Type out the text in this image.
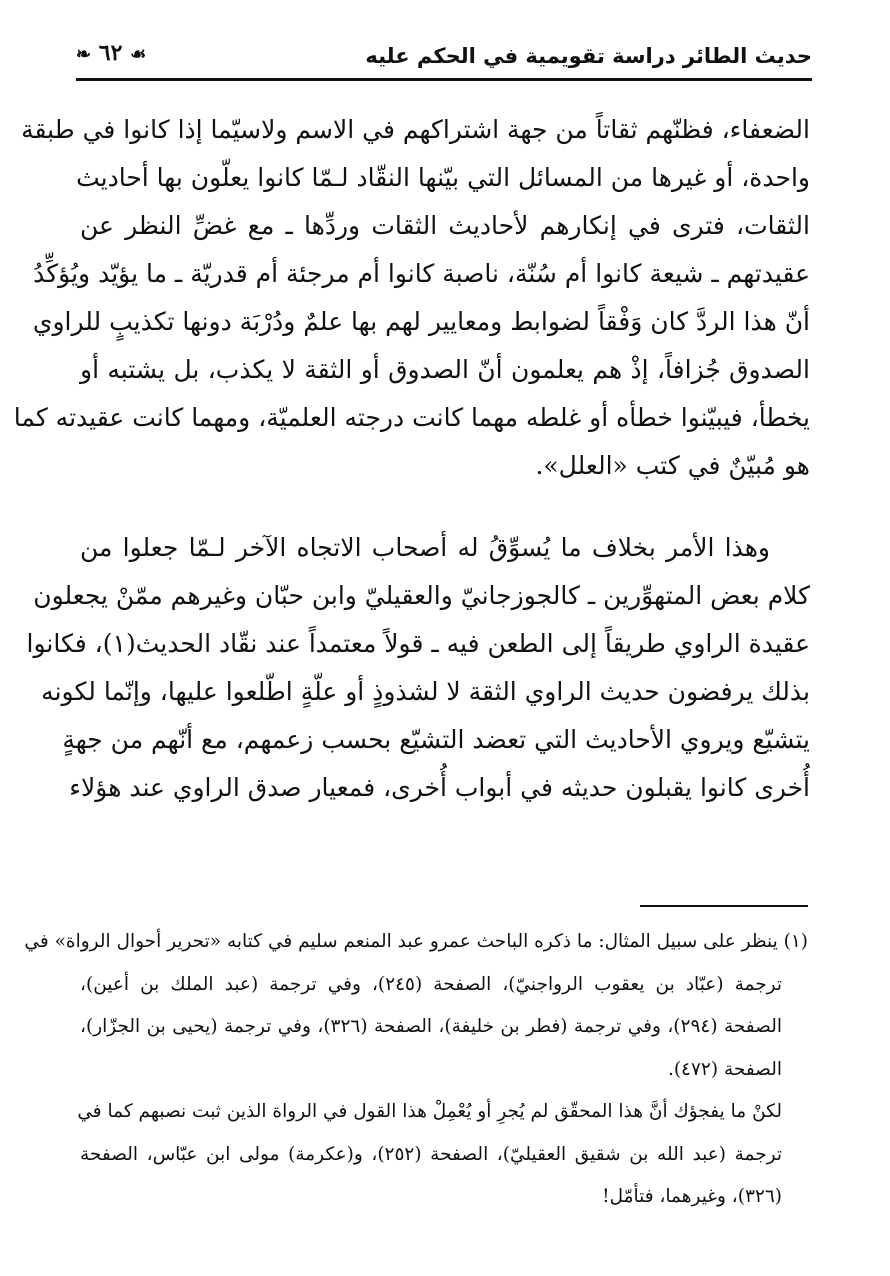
حديث الطائر دراسة تقويمية في الحكم عليه
❧ ٦٢ ☙
الضعفاء، فظنّهم ثقاتاً من جهة اشتراكهم في الاسم ولاسيّما إذا كانوا في طبقة
واحدة، أو غيرها من المسائل التي بيّنها النقّاد لـمّا كانوا يعلّون بها أحاديث
الثقات، فترى في إنكارهم لأحاديث الثقات وردِّها ـ مع غضِّ النظر عن
عقيدتهم ـ شيعة كانوا أم سُنّة، ناصبة كانوا أم مرجئة أم قدريّة ـ ما يؤيّد ويُؤكِّدُ
أنّ هذا الردَّ كان وَفْقاً لضوابط ومعايير لهم بها علمٌ ودُرْبَة دونها تكذيبٍ للراوي
الصدوق جُزافاً، إذْ هم يعلمون أنّ الصدوق أو الثقة لا يكذب، بل يشتبه أو
يخطأ، فيبيّنوا خطأه أو غلطه مهما كانت درجته العلميّة، ومهما كانت عقيدته كما
هو مُبيّنٌ في كتب «العلل».
وهذا الأمر بخلاف ما يُسوِّقُ له أصحاب الاتجاه الآخر لـمّا جعلوا من
كلام بعض المتهوِّرين ـ كالجوزجانيّ والعقيليّ وابن حبّان وغيرهم ممّنْ يجعلون
عقيدة الراوي طريقاً إلى الطعن فيه ـ قولاً معتمداً عند نقّاد الحديث(١)، فكانوا
بذلك يرفضون حديث الراوي الثقة لا لشذوذٍ أو علّةٍ اطّلعوا عليها، وإنّما لكونه
يتشيّع ويروي الأحاديث التي تعضد التشيّع بحسب زعمهم، مع أنّهم من جهةٍ
أُخرى كانوا يقبلون حديثه في أبواب أُخرى، فمعيار صدق الراوي عند هؤلاء
(١) ينظر على سبيل المثال: ما ذكره الباحث عمرو عبد المنعم سليم في كتابه «تحرير أحوال الرواة» في
ترجمة (عبّاد بن يعقوب الرواجنيّ)، الصفحة (٢٤٥)، وفي ترجمة (عبد الملك بن أعين)،
الصفحة (٢٩٤)، وفي ترجمة (فطر بن خليفة)، الصفحة (٣٢٦)، وفي ترجمة (يحيى بن الجزّار)،
الصفحة (٤٧٢).
لكنْ ما يفجؤك أنَّ هذا المحقّق لم يُجرِ أو يُعْمِلْ هذا القول في الرواة الذين ثبت نصبهم كما في
ترجمة (عبد الله بن شقيق العقيليّ)، الصفحة (٢٥٢)، و(عكرمة) مولى ابن عبّاس، الصفحة
(٣٢٦)، وغيرهما، فتأمّل!
